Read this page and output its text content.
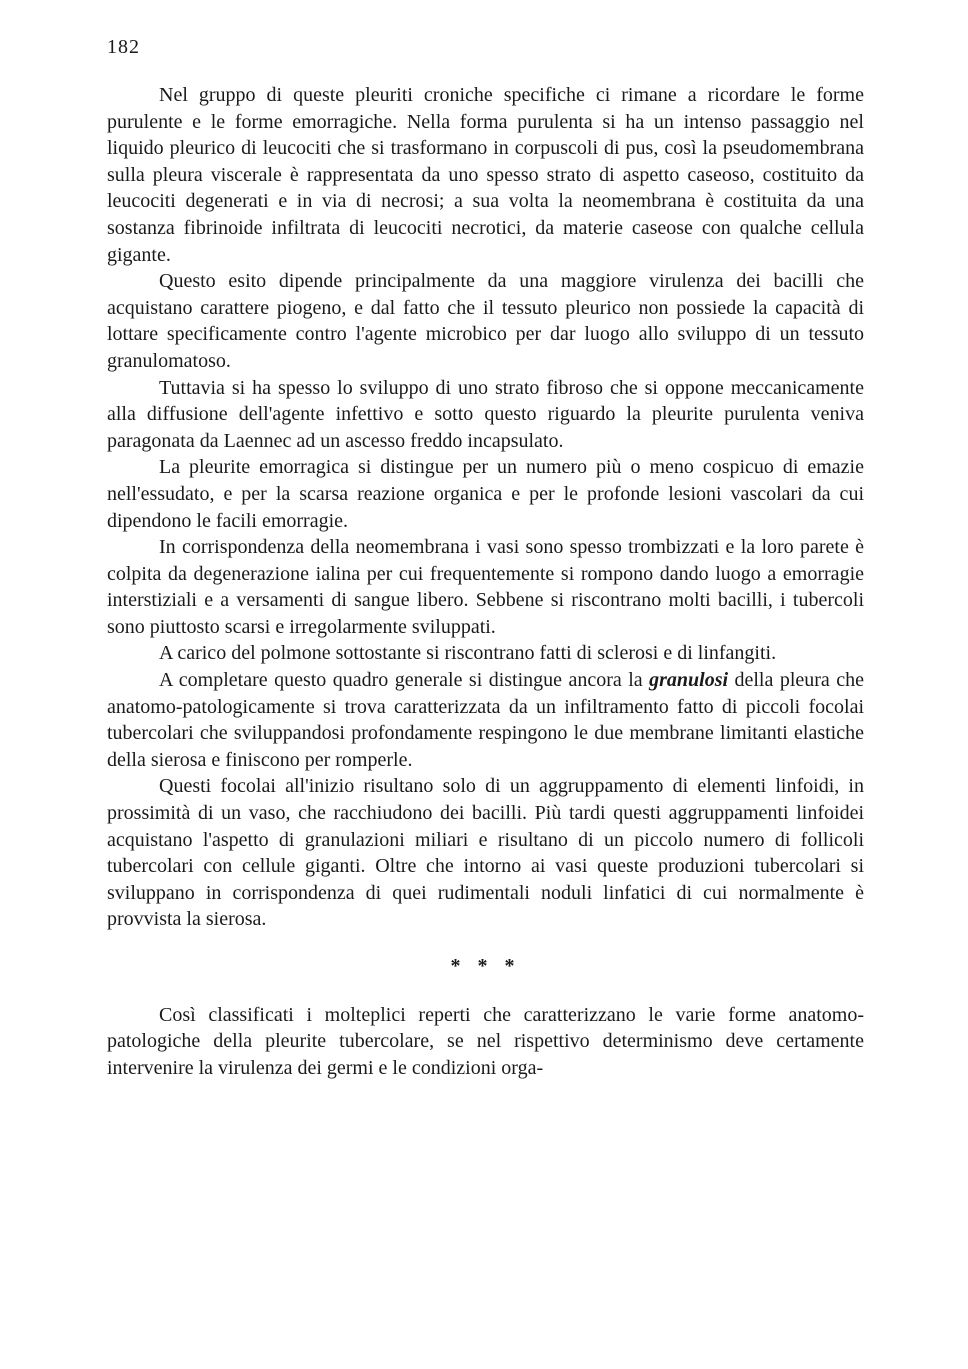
182

Nel gruppo di queste pleuriti croniche specifiche ci rimane a ricordare le forme purulente e le forme emorragiche. Nella forma purulenta si ha un intenso passaggio nel liquido pleurico di leucociti che si trasformano in corpuscoli di pus, così la pseudomembrana sulla pleura viscerale è rappresentata da uno spesso strato di aspetto caseoso, costituito da leucociti degenerati e in via di necrosi; a sua volta la neomembrana è costituita da una sostanza fibrinoide infiltrata di leucociti necrotici, da materie caseose con qualche cellula gigante.

Questo esito dipende principalmente da una maggiore virulenza dei bacilli che acquistano carattere piogeno, e dal fatto che il tessuto pleurico non possiede la capacità di lottare specificamente contro l'agente microbico per dar luogo allo sviluppo di un tessuto granulomatoso.

Tuttavia si ha spesso lo sviluppo di uno strato fibroso che si oppone meccanicamente alla diffusione dell'agente infettivo e sotto questo riguardo la pleurite purulenta veniva paragonata da Laennec ad un ascesso freddo incapsulato.

La pleurite emorragica si distingue per un numero più o meno cospicuo di emazie nell'essudato, e per la scarsa reazione organica e per le profonde lesioni vascolari da cui dipendono le facili emorragie.

In corrispondenza della neomembrana i vasi sono spesso trombizzati e la loro parete è colpita da degenerazione ialina per cui frequentemente si rompono dando luogo a emorragie interstiziali e a versamenti di sangue libero. Sebbene si riscontrano molti bacilli, i tubercoli sono piuttosto scarsi e irregolarmente sviluppati.

A carico del polmone sottostante si riscontrano fatti di sclerosi e di linfangiti.

A completare questo quadro generale si distingue ancora la granulosi della pleura che anatomo-patologicamente si trova caratterizzata da un infiltramento fatto di piccoli focolai tubercolari che sviluppandosi profondamente respingono le due membrane limitanti elastiche della sierosa e finiscono per romperle.

Questi focolai all'inizio risultano solo di un aggruppamento di elementi linfoidi, in prossimità di un vaso, che racchiudono dei bacilli. Più tardi questi aggruppamenti linfoidei acquistano l'aspetto di granulazioni miliari e risultano di un piccolo numero di follicoli tubercolari con cellule giganti. Oltre che intorno ai vasi queste produzioni tubercolari si sviluppano in corrispondenza di quei rudimentali noduli linfatici di cui normalmente è provvista la sierosa.

* * *

Così classificati i molteplici reperti che caratterizzano le varie forme anatomo-patologiche della pleurite tubercolare, se nel rispettivo determinismo deve certamente intervenire la virulenza dei germi e le condizioni orga-
